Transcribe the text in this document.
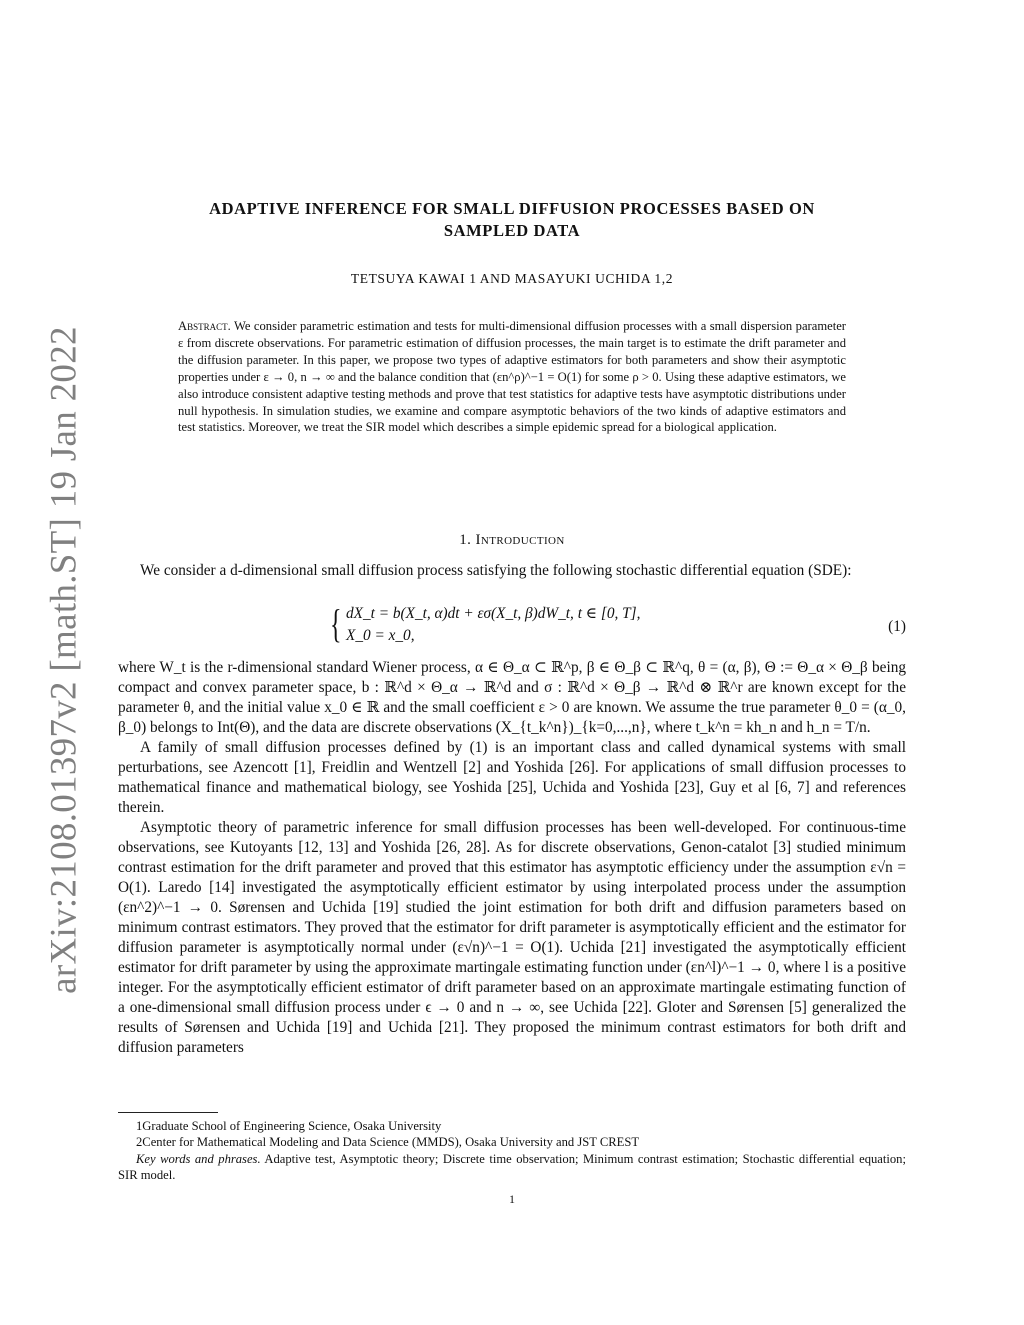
arXiv:2108.01397v2 [math.ST] 19 Jan 2022
ADAPTIVE INFERENCE FOR SMALL DIFFUSION PROCESSES BASED ON
SAMPLED DATA
TETSUYA KAWAI 1 AND MASAYUKI UCHIDA 1,2
Abstract. We consider parametric estimation and tests for multi-dimensional diffusion processes with a small dispersion parameter ε from discrete observations. For parametric estimation of diffusion processes, the main target is to estimate the drift parameter and the diffusion parameter. In this paper, we propose two types of adaptive estimators for both parameters and show their asymptotic properties under ε → 0, n → ∞ and the balance condition that (εn^ρ)^−1 = O(1) for some ρ > 0. Using these adaptive estimators, we also introduce consistent adaptive testing methods and prove that test statistics for adaptive tests have asymptotic distributions under null hypothesis. In simulation studies, we examine and compare asymptotic behaviors of the two kinds of adaptive estimators and test statistics. Moreover, we treat the SIR model which describes a simple epidemic spread for a biological application.
1. Introduction

We consider a d-dimensional small diffusion process satisfying the following stochastic differential equation (SDE):

{ dX_t = b(X_t, α)dt + εσ(X_t, β)dW_t, t ∈ [0, T],
X_0 = x_0,
(1)

where W_t is the r-dimensional standard Wiener process, α ∈ Θ_α ⊂ ℝ^p, β ∈ Θ_β ⊂ ℝ^q, θ = (α, β), Θ := Θ_α × Θ_β being compact and convex parameter space, b : ℝ^d × Θ_α → ℝ^d and σ : ℝ^d × Θ_β → ℝ^d ⊗ ℝ^r are known except for the parameter θ, and the initial value x_0 ∈ ℝ and the small coefficient ε > 0 are known. We assume the true parameter θ_0 = (α_0, β_0) belongs to Int(Θ), and the data are discrete observations (X_{t_k^n})_{k=0,...,n}, where t_k^n = kh_n and h_n = T/n.

A family of small diffusion processes defined by (1) is an important class and called dynamical systems with small perturbations, see Azencott [1], Freidlin and Wentzell [2] and Yoshida [26]. For applications of small diffusion processes to mathematical finance and mathematical biology, see Yoshida [25], Uchida and Yoshida [23], Guy et al [6, 7] and references therein.

Asymptotic theory of parametric inference for small diffusion processes has been well-developed. For continuous-time observations, see Kutoyants [12, 13] and Yoshida [26, 28]. As for discrete observations, Genon-catalot [3] studied minimum contrast estimation for the drift parameter and proved that this estimator has asymptotic efficiency under the assumption ε√n = O(1). Laredo [14] investigated the asymptotically efficient estimator by using interpolated process under the assumption (εn^2)^−1 → 0. Sørensen and Uchida [19] studied the joint estimation for both drift and diffusion parameters based on minimum contrast estimators. They proved that the estimator for drift parameter is asymptotically efficient and the estimator for diffusion parameter is asymptotically normal under (ε√n)^−1 = O(1). Uchida [21] investigated the asymptotically efficient estimator for drift parameter by using the approximate martingale estimating function under (εn^l)^−1 → 0, where l is a positive integer. For the asymptotically efficient estimator of drift parameter based on an approximate martingale estimating function of a one-dimensional small diffusion process under ϵ → 0 and n → ∞, see Uchida [22]. Gloter and Sørensen [5] generalized the results of Sørensen and Uchida [19] and Uchida [21]. They proposed the minimum contrast estimators for both drift and diffusion parameters

1Graduate School of Engineering Science, Osaka University

2Center for Mathematical Modeling and Data Science (MMDS), Osaka University and JST CREST

Key words and phrases. Adaptive test, Asymptotic theory; Discrete time observation; Minimum contrast estimation; Stochastic differential equation; SIR model.

1
